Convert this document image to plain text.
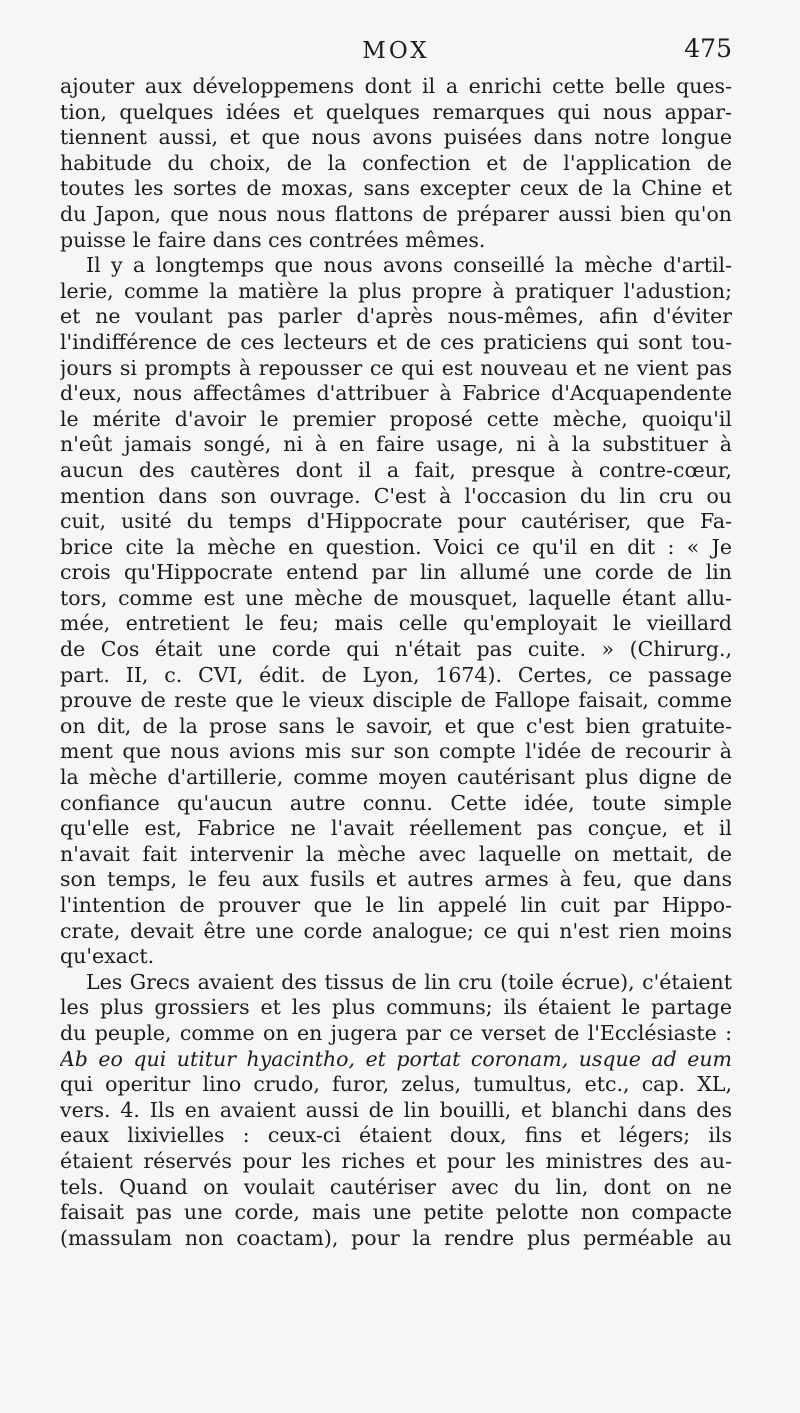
MOX	475
ajouter aux développemens dont il a enrichi cette belle ques-
tion, quelques idées et quelques remarques qui nous appar-
tiennent aussi, et que nous avons puisées dans notre longue
habitude du choix, de la confection et de l'application de
toutes les sortes de moxas, sans excepter ceux de la Chine et
du Japon, que nous nous flattons de préparer aussi bien qu'on
puisse le faire dans ces contrées mêmes.
Il y a longtemps que nous avons conseillé la mèche d'artil-
lerie, comme la matière la plus propre à pratiquer l'adustion;
et ne voulant pas parler d'après nous-mêmes, afin d'éviter
l'indifférence de ces lecteurs et de ces praticiens qui sont tou-
jours si prompts à repousser ce qui est nouveau et ne vient pas
d'eux, nous affectâmes d'attribuer à Fabrice d'Acquapendente
le mérite d'avoir le premier proposé cette mèche, quoiqu'il
n'eût jamais songé, ni à en faire usage, ni à la substituer à
aucun des cautères dont il a fait, presque à contre-cœur,
mention dans son ouvrage. C'est à l'occasion du lin cru ou
cuit, usité du temps d'Hippocrate pour cautériser, que Fa-
brice cite la mèche en question. Voici ce qu'il en dit : « Je
crois qu'Hippocrate entend par lin allumé une corde de lin
tors, comme est une mèche de mousquet, laquelle étant allu-
mée, entretient le feu; mais celle qu'employait le vieillard
de Cos était une corde qui n'était pas cuite. » (Chirurg.,
part. II, c. CVI, édit. de Lyon, 1674). Certes, ce passage
prouve de reste que le vieux disciple de Fallope faisait, comme
on dit, de la prose sans le savoir, et que c'est bien gratuite-
ment que nous avions mis sur son compte l'idée de recourir à
la mèche d'artillerie, comme moyen cautérisant plus digne de
confiance qu'aucun autre connu. Cette idée, toute simple
qu'elle est, Fabrice ne l'avait réellement pas conçue, et il
n'avait fait intervenir la mèche avec laquelle on mettait, de
son temps, le feu aux fusils et autres armes à feu, que dans
l'intention de prouver que le lin appelé lin cuit par Hippo-
crate, devait être une corde analogue; ce qui n'est rien moins
qu'exact.
Les Grecs avaient des tissus de lin cru (toile écrue), c'étaient
les plus grossiers et les plus communs; ils étaient le partage
du peuple, comme on en jugera par ce verset de l'Ecclésiaste :
Ab eo qui utitur hyacintho, et portat coronam, usque ad eum
qui operitur lino crudo, furor, zelus, tumultus, etc., cap. XL,
vers. 4. Ils en avaient aussi de lin bouilli, et blanchi dans des
eaux lixivielles : ceux-ci étaient doux, fins et légers; ils
étaient réservés pour les riches et pour les ministres des au-
tels. Quand on voulait cautériser avec du lin, dont on ne
faisait pas une corde, mais une petite pelotte non compacte
(massulam non coactam), pour la rendre plus perméable au
